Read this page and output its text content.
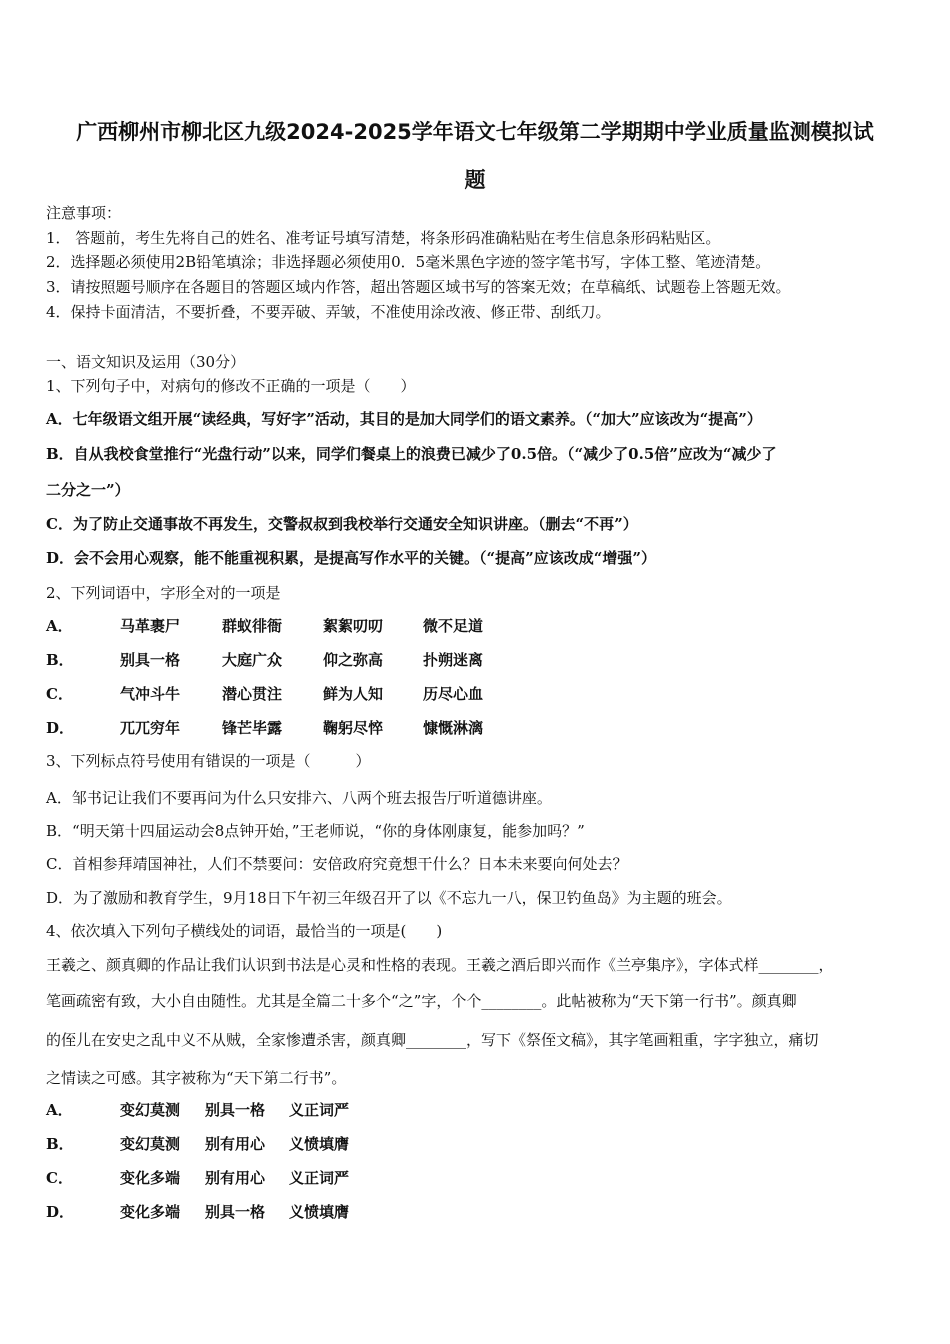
广西柳州市柳北区九级2024-2025学年语文七年级第二学期期中学业质量监测模拟试
题
注意事项：
1． 答题前，考生先将自己的姓名、准考证号填写清楚，将条形码准确粘贴在考生信息条形码粘贴区。
2．选择题必须使用2B铅笔填涂；非选择题必须使用0．5毫米黑色字迹的签字笔书写，字体工整、笔迹清楚。
3．请按照题号顺序在各题目的答题区域内作答，超出答题区域书写的答案无效；在草稿纸、试题卷上答题无效。
4．保持卡面清洁，不要折叠，不要弄破、弄皱，不准使用涂改液、修正带、刮纸刀。
一、语文知识及运用（30分）
1、下列句子中，对病句的修改不正确的一项是（　　）
A．七年级语文组开展“读经典，写好字”活动，其目的是加大同学们的语文素养。（“加大”应该改为“提高”）
B．自从我校食堂推行“光盘行动”以来，同学们餐桌上的浪费已减少了0.5倍。（“减少了0.5倍”应改为“减少了
二分之一”）
C．为了防止交通事故不再发生，交警叔叔到我校举行交通安全知识讲座。（删去“不再”）
D．会不会用心观察，能不能重视积累，是提高写作水平的关键。（“提高”应该改成“增强”）
2、下列词语中，字形全对的一项是
A．	马革裹尸	群蚁徘衙	絮絮叨叨	微不足道
B．	别具一格	大庭广众	仰之弥高	扑朔迷离
C．	气冲斗牛	潜心贯注	鲜为人知	历尽心血
D．	兀兀穷年	锋芒毕露	鞠躬尽悴	慷慨淋漓
3、下列标点符号使用有错误的一项是（　　　）
A．邹书记让我们不要再问为什么只安排六、八两个班去报告厅听道德讲座。
B．“明天第十四届运动会8点钟开始，”王老师说，“你的身体刚康复，能参加吗？”
C．首相参拜靖国神社，人们不禁要问：安倍政府究竟想干什么？日本未来要向何处去？
D．为了激励和教育学生，9月18日下午初三年级召开了以《不忘九一八，保卫钓鱼岛》为主题的班会。
4、依次填入下列句子横线处的词语，最恰当的一项是(　　)
王羲之、颜真卿的作品让我们认识到书法是心灵和性格的表现。王羲之酒后即兴而作《兰亭集序》，字体式样________，
笔画疏密有致，大小自由随性。尤其是全篇二十多个“之”字，个个________。此帖被称为“天下第一行书”。颜真卿
的侄儿在安史之乱中义不从贼，全家惨遭杀害，颜真卿________，写下《祭侄文稿》，其字笔画粗重，字字独立，痛切
之情读之可感。其字被称为“天下第二行书”。
A．	变幻莫测 别具一格 义正词严
B．	变幻莫测 别有用心 义愤填膺
C．	变化多端 别有用心 义正词严
D．	变化多端 别具一格 义愤填膺
